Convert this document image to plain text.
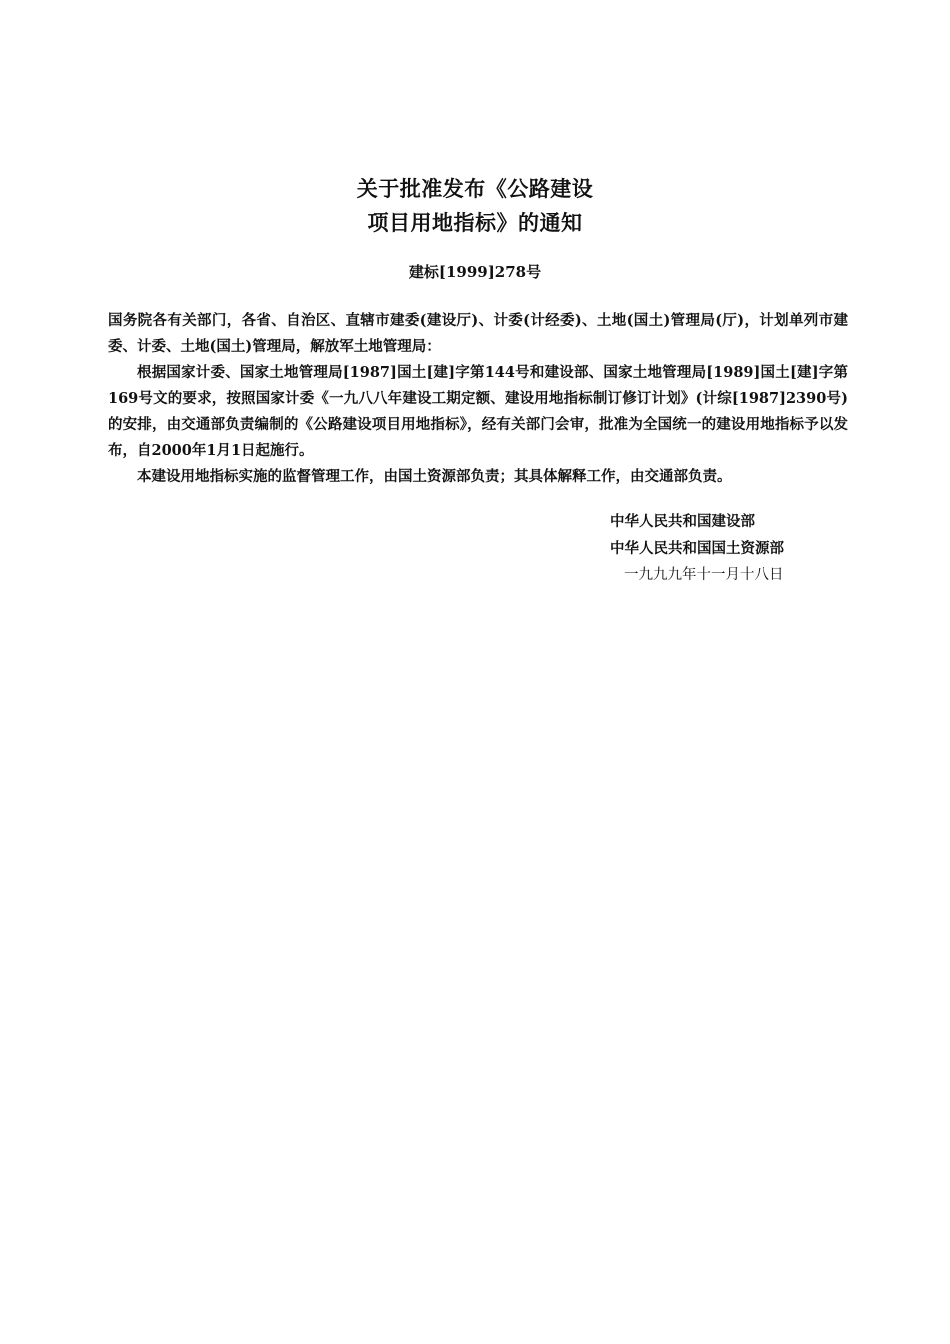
关于批准发布《公路建设
项目用地指标》的通知
建标[1999]278号

国务院各有关部门，各省、自治区、直辖市建委(建设厅)、计委(计经委)、土地(国土)管理局(厅)，计划单列市建委、计委、土地(国土)管理局，解放军土地管理局：

根据国家计委、国家土地管理局[1987]国土[建]字第144号和建设部、国家土地管理局[1989]国土[建]字第169号文的要求，按照国家计委《一九八八年建设工期定额、建设用地指标制订修订计划》(计综[1987]2390号)的安排，由交通部负责编制的《公路建设项目用地指标》，经有关部门会审，批准为全国统一的建设用地指标予以发布，自2000年1月1日起施行。

本建设用地指标实施的监督管理工作，由国土资源部负责；其具体解释工作，由交通部负责。

中华人民共和国建设部
中华人民共和国国土资源部
一九九九年十一月十八日
